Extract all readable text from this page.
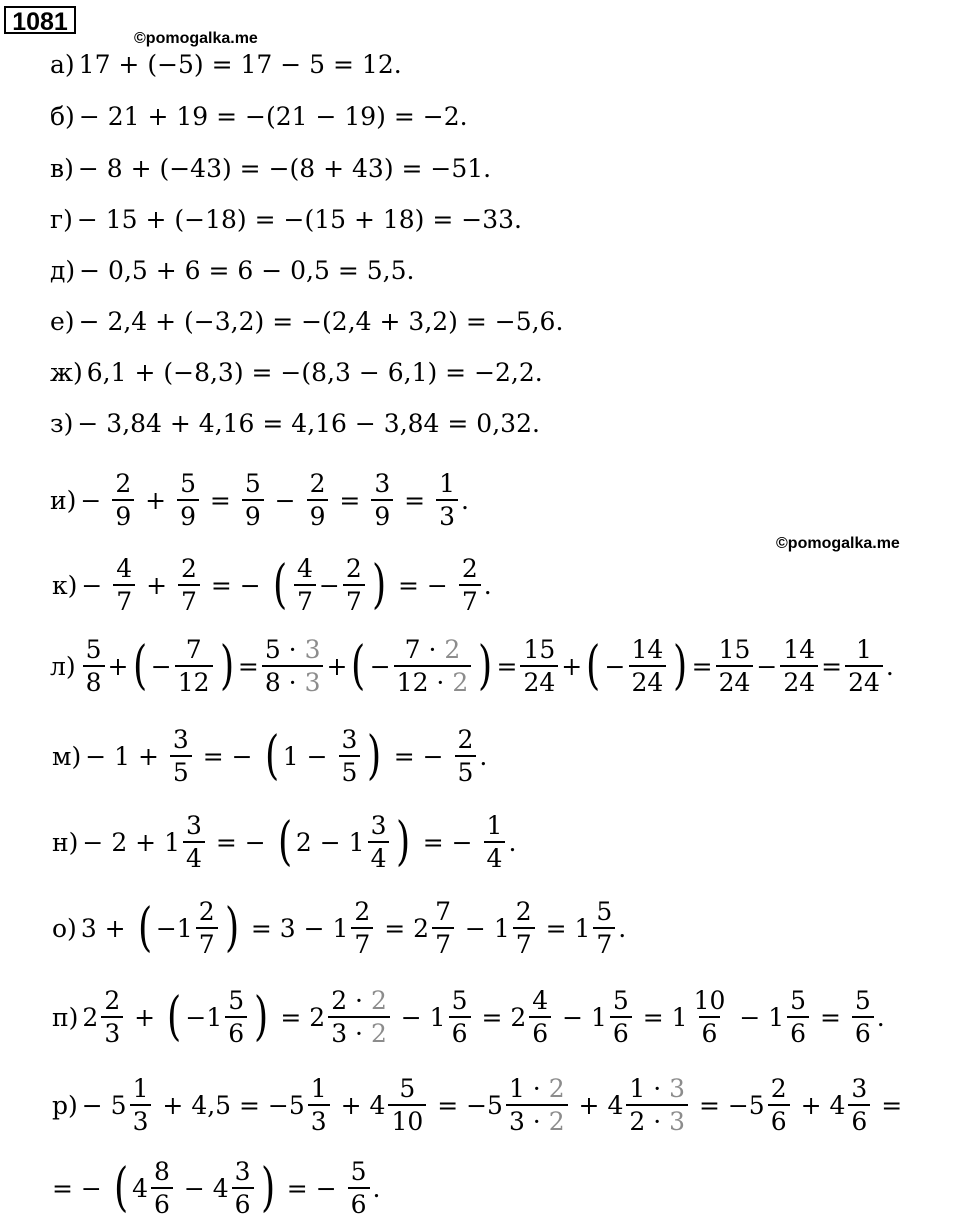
1081
©pomogalka.me
©pomogalka.me
а) 17 + (−5) = 17 − 5 = 12.
б) − 21 + 19 = −(21 − 19) = −2.
в) − 8 + (−43) = −(8 + 43) = −51.
г) − 15 + (−18) = −(15 + 18) = −33.
д) − 0,5 + 6 = 6 − 0,5 = 5,5.
е) − 2,4 + (−3,2) = −(2,4 + 3,2) = −5,6.
ж) 6,1 + (−8,3) = −(8,3 − 6,1) = −2,2.
з) − 3,84 + 4,16 = 4,16 − 3,84 = 0,32.
$и) - \frac{2}{9} + \frac{5}{9} = \frac{5}{9} - \frac{2}{9} = \frac{3}{9} = \frac{1}{3}$ .
$к) - \frac{4}{7} + \frac{2}{7}$ = − ( $\frac{4}{7} - \frac{2}{7}$ ) = − $\frac{2}{7}$ .
$л) \frac{5}{8}$ + ( − $\frac{7}{12}$ ) = $\frac{5 \cdot 3}{8 \cdot 3}$ + ( − $\frac{7 \cdot 2}{12 \cdot 2}$ ) = $\frac{15}{24}$ + ( − $\frac{14}{24}$ ) = $\frac{15}{24} - \frac{14}{24} = \frac{1}{24}$ .
$м) - 1 + \frac{3}{5}$ = − ( $1 - \frac{3}{5}$ ) = − $\frac{2}{5}$ .
$н) - 2 + 1 \frac{3}{4}$ = − ( $2 - 1 \frac{3}{4}$ ) = − $\frac{1}{4}$ .
о) 3 + ( $-1 \frac{2}{7}$ ) = $3 - 1 \frac{2}{7} = 2 \frac{7}{7} - 1 \frac{2}{7} = 1 \frac{5}{7}$ .
п) $2 \frac{2}{3}$ + ( $-1 \frac{5}{6}$ ) = $2 \frac{2 \cdot 2}{3 \cdot 2} - 1 \frac{5}{6} = 2 \frac{4}{6} - 1 \frac{5}{6} = 1 \frac{10}{6} - 1 \frac{5}{6} = \frac{5}{6}$ .
$р) - 5 \frac{1}{3} + 4,5 = -5 \frac{1}{3} + 4 \frac{5}{10} = -5 \frac{1 \cdot 2}{3 \cdot 2} + 4 \frac{1 \cdot 3}{2 \cdot 3} = -5 \frac{2}{6} + 4 \frac{3}{6}$ =
= − ( $4 \frac{8}{6} - 4 \frac{3}{6}$ ) = − $\frac{5}{6}$ .
